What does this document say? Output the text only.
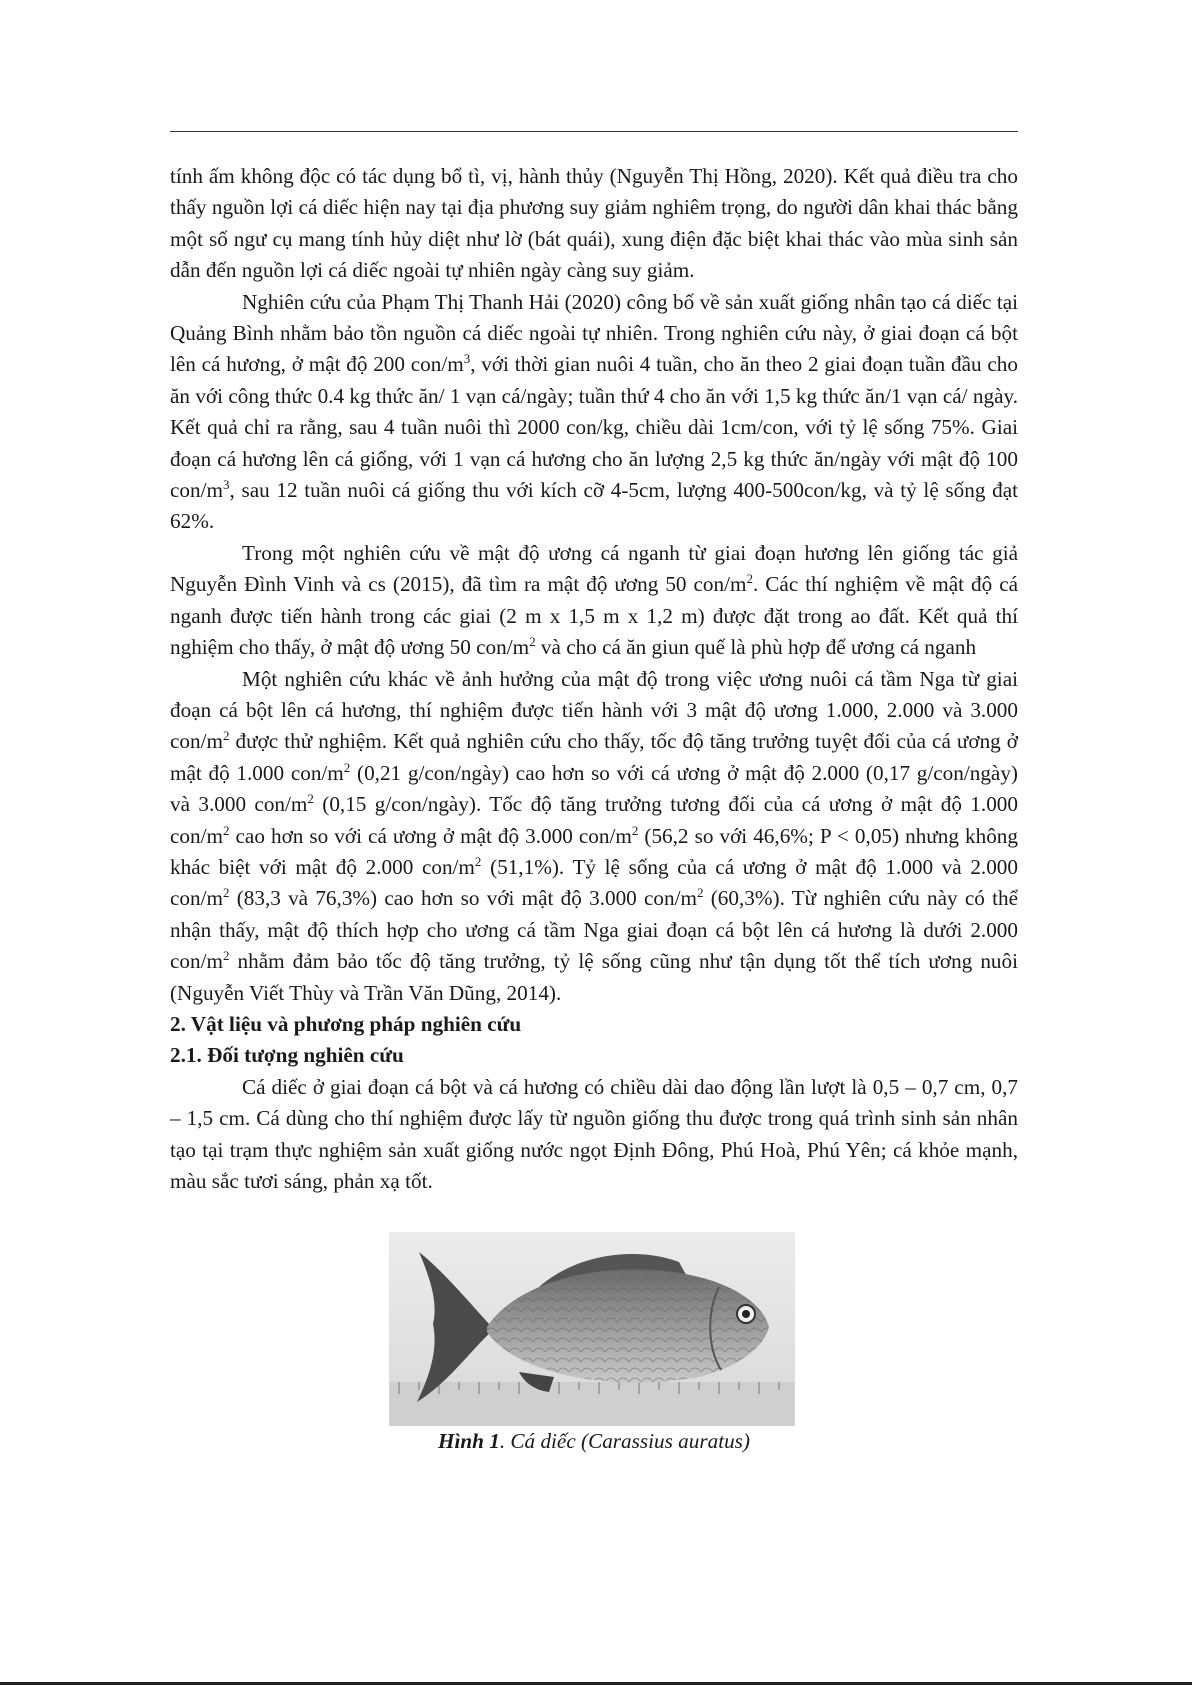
tính ấm không độc có tác dụng bổ tì, vị, hành thủy (Nguyễn Thị Hồng, 2020). Kết quả điều tra cho thấy nguồn lợi cá diếc hiện nay tại địa phương suy giảm nghiêm trọng, do người dân khai thác bằng một số ngư cụ mang tính hủy diệt như lờ (bát quái), xung điện đặc biệt khai thác vào mùa sinh sản dẫn đến nguồn lợi cá diếc ngoài tự nhiên ngày càng suy giảm.

Nghiên cứu của Phạm Thị Thanh Hải (2020) công bố về sản xuất giống nhân tạo cá diếc tại Quảng Bình nhằm bảo tồn nguồn cá diếc ngoài tự nhiên. Trong nghiên cứu này, ở giai đoạn cá bột lên cá hương, ở mật độ 200 con/$m^3$, với thời gian nuôi 4 tuần, cho ăn theo 2 giai đoạn tuần đầu cho ăn với công thức 0.4 kg thức ăn/ 1 vạn cá/ngày; tuần thứ 4 cho ăn với 1,5 kg thức ăn/1 vạn cá/ ngày. Kết quả chỉ ra rằng, sau 4 tuần nuôi thì 2000 con/kg, chiều dài 1cm/con, với tỷ lệ sống 75%. Giai đoạn cá hương lên cá giống, với 1 vạn cá hương cho ăn lượng 2,5 kg thức ăn/ngày với mật độ 100 con/$m^3$, sau 12 tuần nuôi cá giống thu với kích cỡ 4-5cm, lượng 400-500con/kg, và tỷ lệ sống đạt 62%.

Trong một nghiên cứu về mật độ ương cá nganh từ giai đoạn hương lên giống tác giả Nguyễn Đình Vinh và cs (2015), đã tìm ra mật độ ương 50 con/$m^2$. Các thí nghiệm về mật độ cá nganh được tiến hành trong các giai (2 m x 1,5 m x 1,2 m) được đặt trong ao đất. Kết quả thí nghiệm cho thấy, ở mật độ ương 50 con/$m^2$ và cho cá ăn giun quế là phù hợp để ương cá nganh

Một nghiên cứu khác về ảnh hưởng của mật độ trong việc ương nuôi cá tầm Nga từ giai đoạn cá bột lên cá hương, thí nghiệm được tiến hành với 3 mật độ ương 1.000, 2.000 và 3.000 con/$m^2$ được thử nghiệm. Kết quả nghiên cứu cho thấy, tốc độ tăng trưởng tuyệt đối của cá ương ở mật độ 1.000 con/$m^2$ (0,21 g/con/ngày) cao hơn so với cá ương ở mật độ 2.000 (0,17 g/con/ngày) và 3.000 con/$m^2$ (0,15 g/con/ngày). Tốc độ tăng trưởng tương đối của cá ương ở mật độ 1.000 con/$m^2$ cao hơn so với cá ương ở mật độ 3.000 con/$m^2$ (56,2 so với 46,6%; P < 0,05) nhưng không khác biệt với mật độ 2.000 con/$m^2$ (51,1%). Tỷ lệ sống của cá ương ở mật độ 1.000 và 2.000 con/$m^2$ (83,3 và 76,3%) cao hơn so với mật độ 3.000 con/$m^2$ (60,3%). Từ nghiên cứu này có thể nhận thấy, mật độ thích hợp cho ương cá tầm Nga giai đoạn cá bột lên cá hương là dưới 2.000 con/$m^2$ nhằm đảm bảo tốc độ tăng trưởng, tỷ lệ sống cũng như tận dụng tốt thể tích ương nuôi (Nguyễn Viết Thùy và Trần Văn Dũng, 2014).

2. Vật liệu và phương pháp nghiên cứu

2.1. Đối tượng nghiên cứu

Cá diếc ở giai đoạn cá bột và cá hương có chiều dài dao động lần lượt là 0,5 – 0,7 cm, 0,7 – 1,5 cm. Cá dùng cho thí nghiệm được lấy từ nguồn giống thu được trong quá trình sinh sản nhân tạo tại trạm thực nghiệm sản xuất giống nước ngọt Định Đông, Phú Hoà, Phú Yên; cá khỏe mạnh, màu sắc tươi sáng, phản xạ tốt.

Hình 1. Cá diếc (Carassius auratus)
